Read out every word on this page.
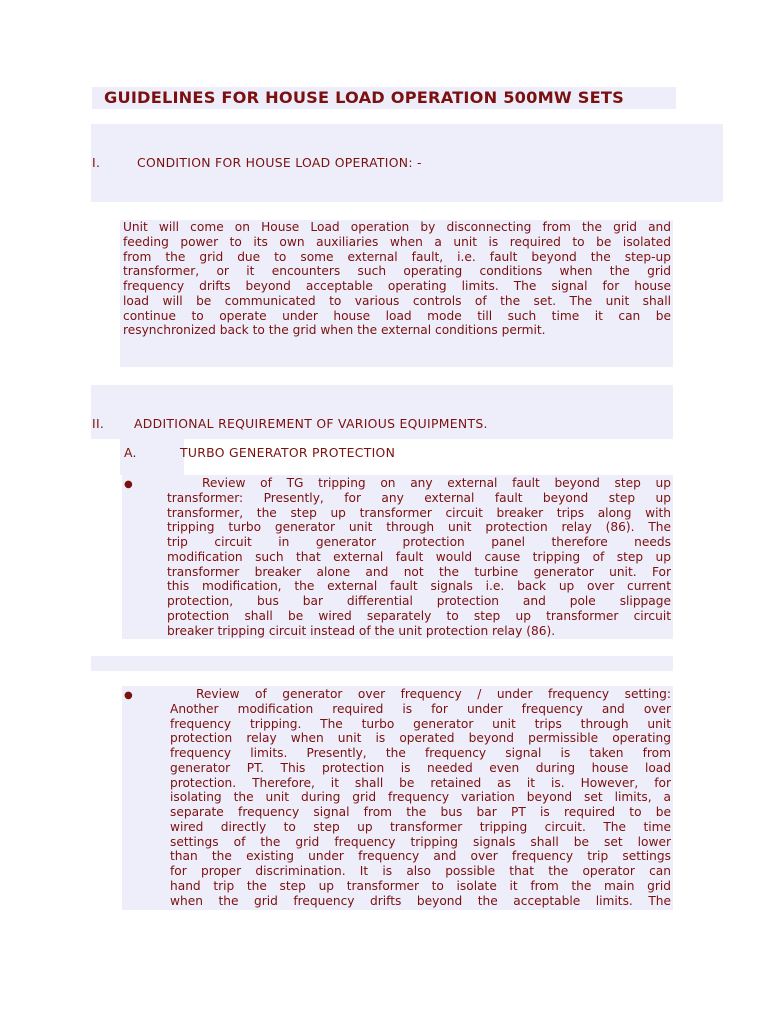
GUIDELINES FOR HOUSE LOAD OPERATION 500MW SETS
I.	CONDITION FOR HOUSE LOAD OPERATION: -
Unit will come on House Load operation by disconnecting from the grid and
feeding power to its own auxiliaries when a unit is required to be isolated
from the grid due to some external fault, i.e. fault beyond the step-up
transformer, or it encounters such operating conditions when the grid
frequency drifts beyond acceptable operating limits. The signal for house
load will be communicated to various controls of the set. The unit shall
continue to operate under house load mode till such time it can be
resynchronized back to the grid when the external conditions permit.
II. ADDITIONAL REQUIREMENT OF VARIOUS EQUIPMENTS.
A.	TURBO GENERATOR PROTECTION
●	Review of TG tripping on any external fault beyond step up
transformer: Presently, for any external fault beyond step up
transformer, the step up transformer circuit breaker trips along with
tripping turbo generator unit through unit protection relay (86). The
trip circuit in generator protection panel therefore needs
modification such that external fault would cause tripping of step up
transformer breaker alone and not the turbine generator unit. For
this modification, the external fault signals i.e. back up over current
protection, bus bar differential protection and pole slippage
protection shall be wired separately to step up transformer circuit
breaker tripping circuit instead of the unit protection relay (86).
●	Review of generator over frequency / under frequency setting:
Another modification required is for under frequency and over
frequency tripping. The turbo generator unit trips through unit
protection relay when unit is operated beyond permissible operating
frequency limits. Presently, the frequency signal is taken from
generator PT. This protection is needed even during house load
protection. Therefore, it shall be retained as it is. However, for
isolating the unit during grid frequency variation beyond set limits, a
separate frequency signal from the bus bar PT is required to be
wired directly to step up transformer tripping circuit. The time
settings of the grid frequency tripping signals shall be set lower
than the existing under frequency and over frequency trip settings
for proper discrimination. It is also possible that the operator can
hand trip the step up transformer to isolate it from the main grid
when the grid frequency drifts beyond the acceptable limits. The
